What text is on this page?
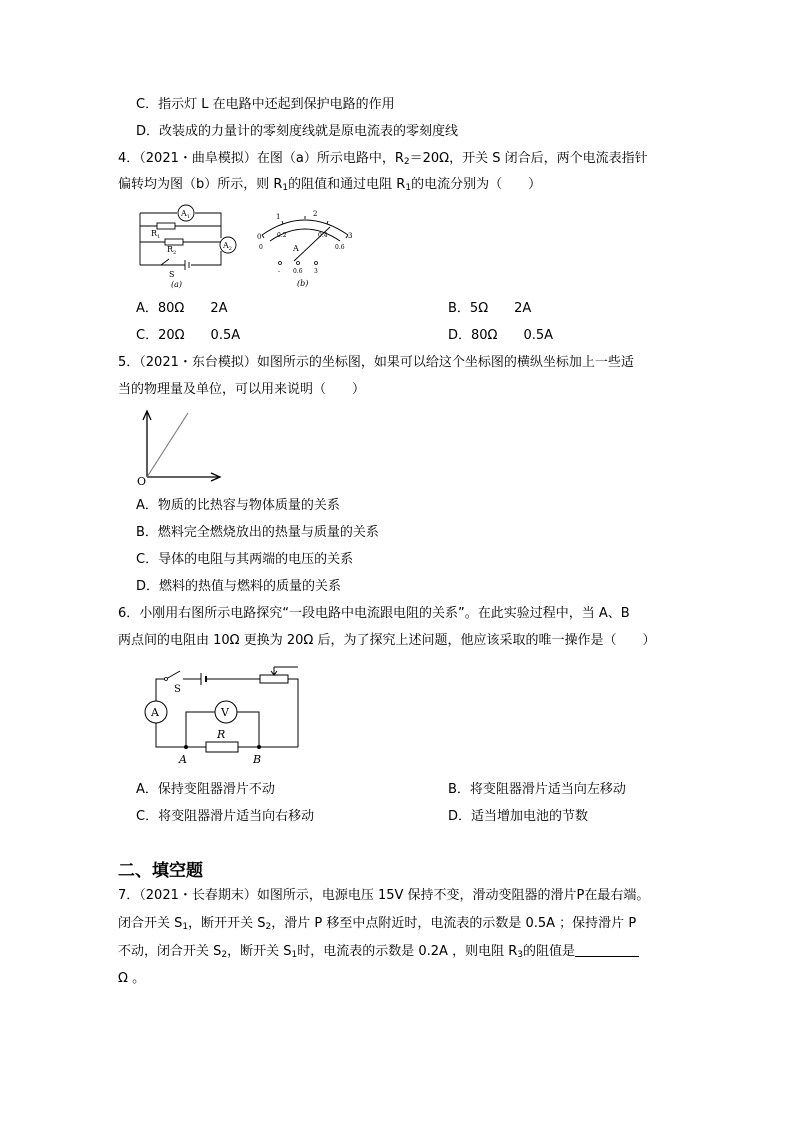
C．指示灯 L 在电路中还起到保护电路的作用
D．改装成的力量计的零刻度线就是原电流表的零刻度线
4．（2021・曲阜模拟）在图（a）所示电路中，$R_2=20\Omega$，开关 S 闭合后，两个电流表指针
偏转均为图（b）所示，则 $R_1$的阻值和通过电阻 $R_1$的电流分别为（　　）
$A_1$
$A_2$
$R_1$
$R_2$
S
(a)
0
1	2
3
0
0.2	0.4
0.6
A
- 0.6 3
(b)
A．80Ω　　2A	B．5Ω　　2A
C．20Ω　　0.5A	D．80Ω　　0.5A
5．（2021・东台模拟）如图所示的坐标图，如果可以给这个坐标图的横纵坐标加上一些适
当的物理量及单位，可以用来说明（　　）
O
A．物质的比热容与物体质量的关系
B．燃料完全燃烧放出的热量与质量的关系
C．导体的电阻与其两端的电压的关系
D．燃料的热值与燃料的质量的关系
6．小刚用右图所示电路探究“一段电路中电流跟电阻的关系”。在此实验过程中，当 A、B
两点间的电阻由 10Ω 更换为 20Ω 后，为了探究上述问题，他应该采取的唯一操作是（　　）
S
A	V
R
A	B
A．保持变阻器滑片不动	B．将变阻器滑片适当向左移动
C．将变阻器滑片适当向右移动	D．适当增加电池的节数
二、填空题
7．（2021・长春期末）如图所示，电源电压 15V 保持不变，滑动变阻器的滑片P在最右端。
闭合开关 $S_1$，断开开关 $S_2$，滑片 P 移至中点附近时，电流表的示数是 0.5A ；保持滑片 P
不动，闭合开关 $S_2$，断开关 $S_1$时，电流表的示数是 0.2A ，则电阻 $R_3$的阻值是
Ω 。
